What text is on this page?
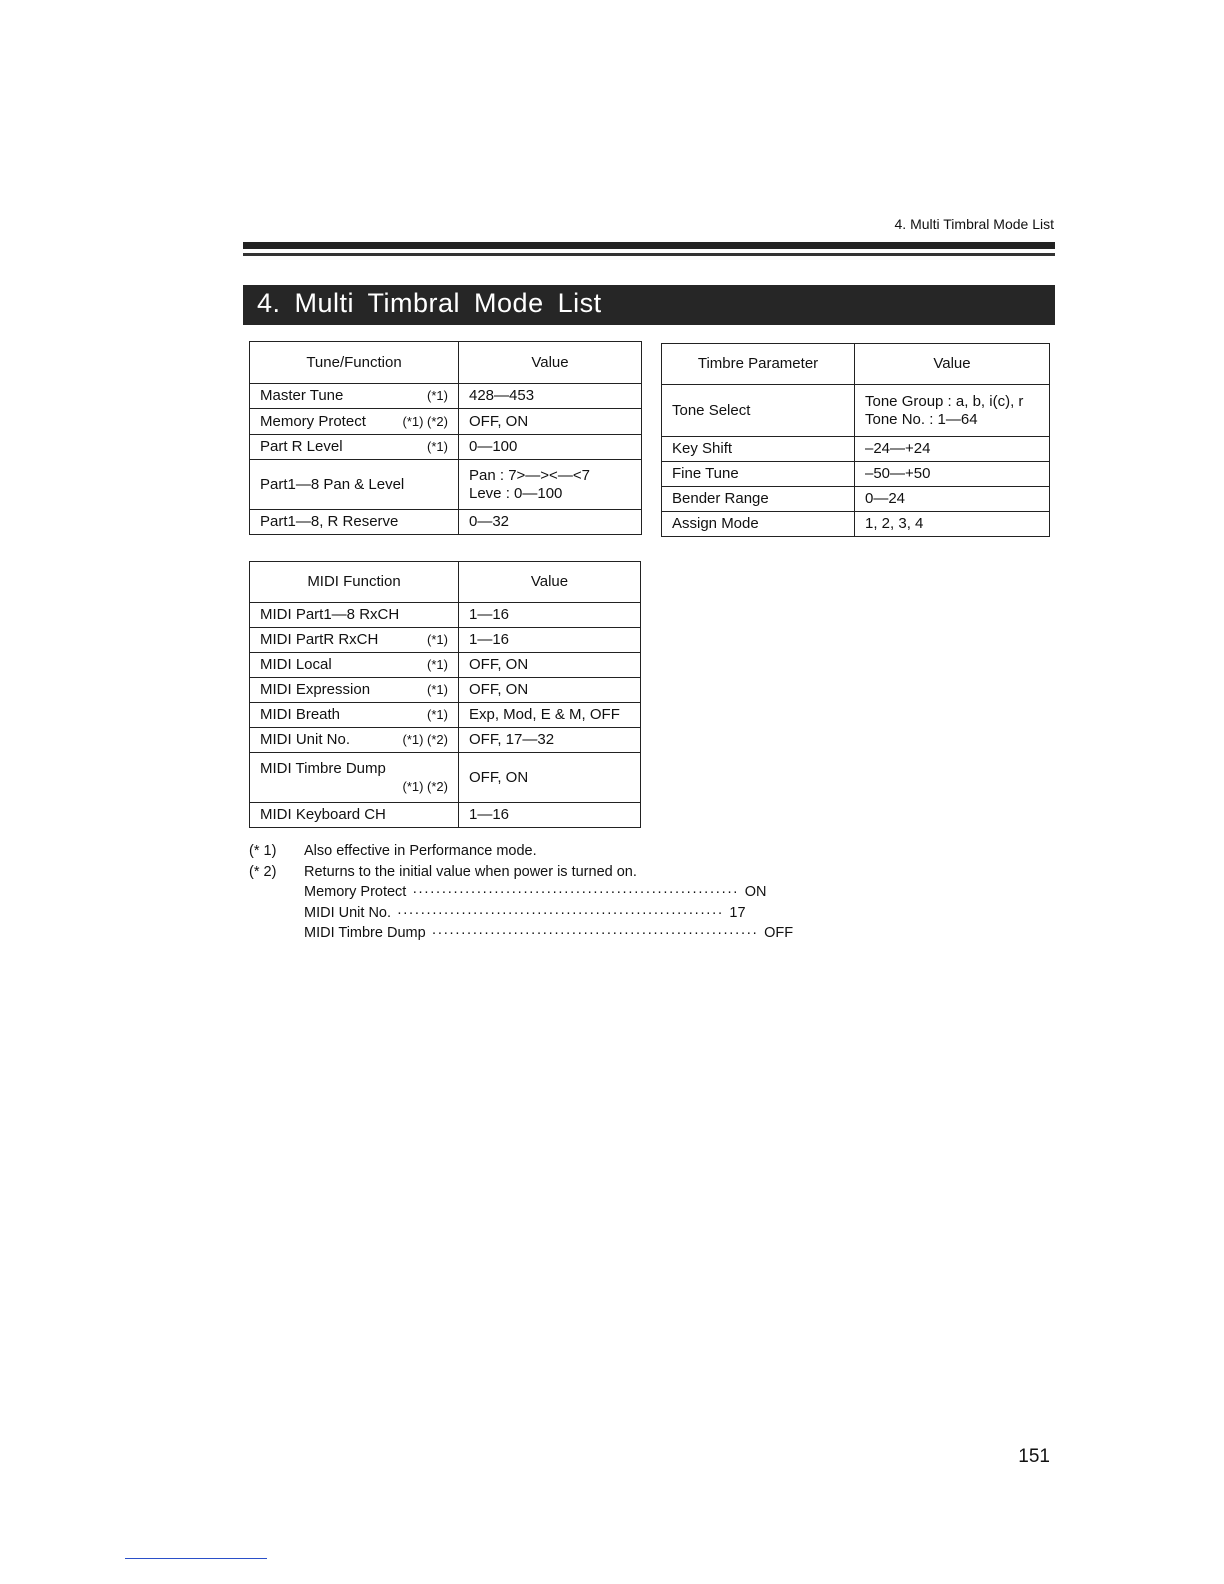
4. Multi Timbral Mode List
4. Multi Timbral Mode List
Tune/Function	Value

Master Tune (*1)	428—453

Memory Protect (*1) (*2)	OFF, ON

Part R Level (*1)	0—100

Part1—8 Pan & Level	Pan : 7>—><—<7
Leve : 0—100

Part1—8, R Reserve	0—32
Timbre Parameter	Value
Tone Select	Tone Group : a, b, i(c), r
Tone No. : 1—64

Key Shift	–24—+24
Fine Tune	–50—+50
Bender Range	0—24
Assign Mode	1, 2, 3, 4
MIDI Function	Value

MIDI Part1—8 RxCH	1—16

MIDI PartR RxCH (*1)	1—16

MIDI Local (*1)	OFF, ON

MIDI Expression (*1)	OFF, ON

MIDI Breath (*1)	Exp, Mod, E & M, OFF

MIDI Unit No. (*1) (*2)	OFF, 17—32

MIDI Timbre Dump
(*1) (*2)	OFF, ON

MIDI Keyboard CH	1—16
(* 1)	Also effective in Performance mode.
(* 2)	Returns to the initial value when power is turned on.
Memory Protect ························································ ON
MIDI Unit No. ························································ 17
MIDI Timbre Dump ························································ OFF
151
